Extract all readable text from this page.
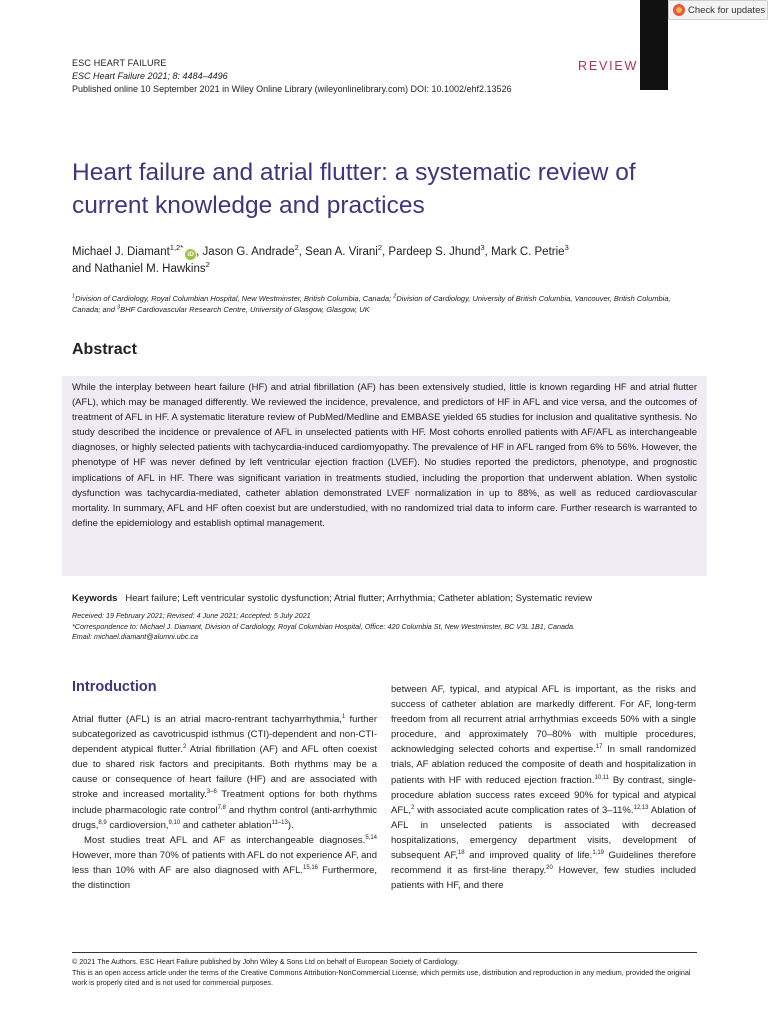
Check for updates
ESC HEART FAILURE
ESC Heart Failure 2021; 8: 4484–4496
Published online 10 September 2021 in Wiley Online Library (wileyonlinelibrary.com) DOI: 10.1002/ehf2.13526
REVIEW
Heart failure and atrial flutter: a systematic review of current knowledge and practices
Michael J. Diamant$^{1,2*}$iD , Jason G. Andrade$^2$, Sean A. Virani$^2$, Pardeep S. Jhund$^3$, Mark C. Petrie$^3$
and Nathaniel M. Hawkins$^2$
$^1$Division of Cardiology, Royal Columbian Hospital, New Westminster, British Columbia, Canada; $^2$Division of Cardiology, University of British Columbia, Vancouver, British Columbia, Canada; and $^3$BHF Cardiovascular Research Centre, University of Glasgow, Glasgow, UK
Abstract

While the interplay between heart failure (HF) and atrial fibrillation (AF) has been extensively studied, little is known regarding HF and atrial flutter (AFL), which may be managed differently. We reviewed the incidence, prevalence, and predictors of HF in AFL and vice versa, and the outcomes of treatment of AFL in HF. A systematic literature review of PubMed/Medline and EMBASE yielded 65 studies for inclusion and qualitative synthesis. No study described the incidence or prevalence of AFL in unselected patients with HF. Most cohorts enrolled patients with AF/AFL as interchangeable diagnoses, or highly selected patients with tachycardia-induced cardiomyopathy. The prevalence of HF in AFL ranged from 6% to 56%. However, the phenotype of HF was never defined by left ventricular ejection fraction (LVEF). No studies reported the predictors, phenotype, and prognostic implications of AFL in HF. There was significant variation in treatments studied, including the proportion that underwent ablation. When systolic dysfunction was tachycardia-mediated, catheter ablation demonstrated LVEF normalization in up to 88%, as well as reduced cardiovascular mortality. In summary, AFL and HF often coexist but are understudied, with no randomized trial data to inform care. Further research is warranted to define the epidemiology and establish optimal management.

Keywords Heart failure; Left ventricular systolic dysfunction; Atrial flutter; Arrhythmia; Catheter ablation; Systematic review
Received: 19 February 2021; Revised: 4 June 2021; Accepted: 5 July 2021
*Correspondence to: Michael J. Diamant, Division of Cardiology, Royal Columbian Hospital, Office: 420 Columbia St, New Westminster, BC V3L 1B1, Canada.
Email: michael.diamant@alumni.ubc.ca
Introduction

Atrial flutter (AFL) is an atrial macro-rentrant tachyarrhythmia,$^1$ further subcategorized as cavotricuspid isthmus (CTI)-dependent and non-CTI-dependent atypical flutter.$^2$ Atrial fibrillation (AF) and AFL often coexist due to shared risk factors and precipitants. Both rhythms may be a cause or consequence of heart failure (HF) and are associated with stroke and increased mortality.$^{3-6}$ Treatment options for both rhythms include pharmacologic rate control$^{7,8}$ and rhythm control (anti-arrhythmic drugs,$^{8,9}$ cardioversion,$^{9,10}$ and catheter ablation$^{11-13}$).

Most studies treat AFL and AF as interchangeable diagnoses.$^{5,14}$ However, more than 70% of patients with AFL do not experience AF, and less than 10% with AF are also diagnosed with AFL.$^{15,16}$ Furthermore, the distinction

between AF, typical, and atypical AFL is important, as the risks and success of catheter ablation are markedly different. For AF, long-term freedom from all recurrent atrial arrhythmias exceeds 50% with a single procedure, and approximately 70–80% with multiple procedures, acknowledging selected cohorts and expertise.$^{17}$ In small randomized trials, AF ablation reduced the composite of death and hospitalization in patients with HF with reduced ejection fraction.$^{10,11}$ By contrast, single-procedure ablation success rates exceed 90% for typical and atypical AFL,$^2$ with associated acute complication rates of 3–11%.$^{12,13}$ Ablation of AFL in unselected patients is associated with decreased hospitalizations, emergency department visits, development of subsequent AF,$^{18}$ and improved quality of life.$^{1,19}$ Guidelines therefore recommend it as first-line therapy.$^{20}$ However, few studies included patients with HF, and there

© 2021 The Authors. ESC Heart Failure published by John Wiley & Sons Ltd on behalf of European Society of Cardiology.
This is an open access article under the terms of the Creative Commons Attribution-NonCommercial License, which permits use, distribution and reproduction in any medium, provided the original work is properly cited and is not used for commercial purposes.
